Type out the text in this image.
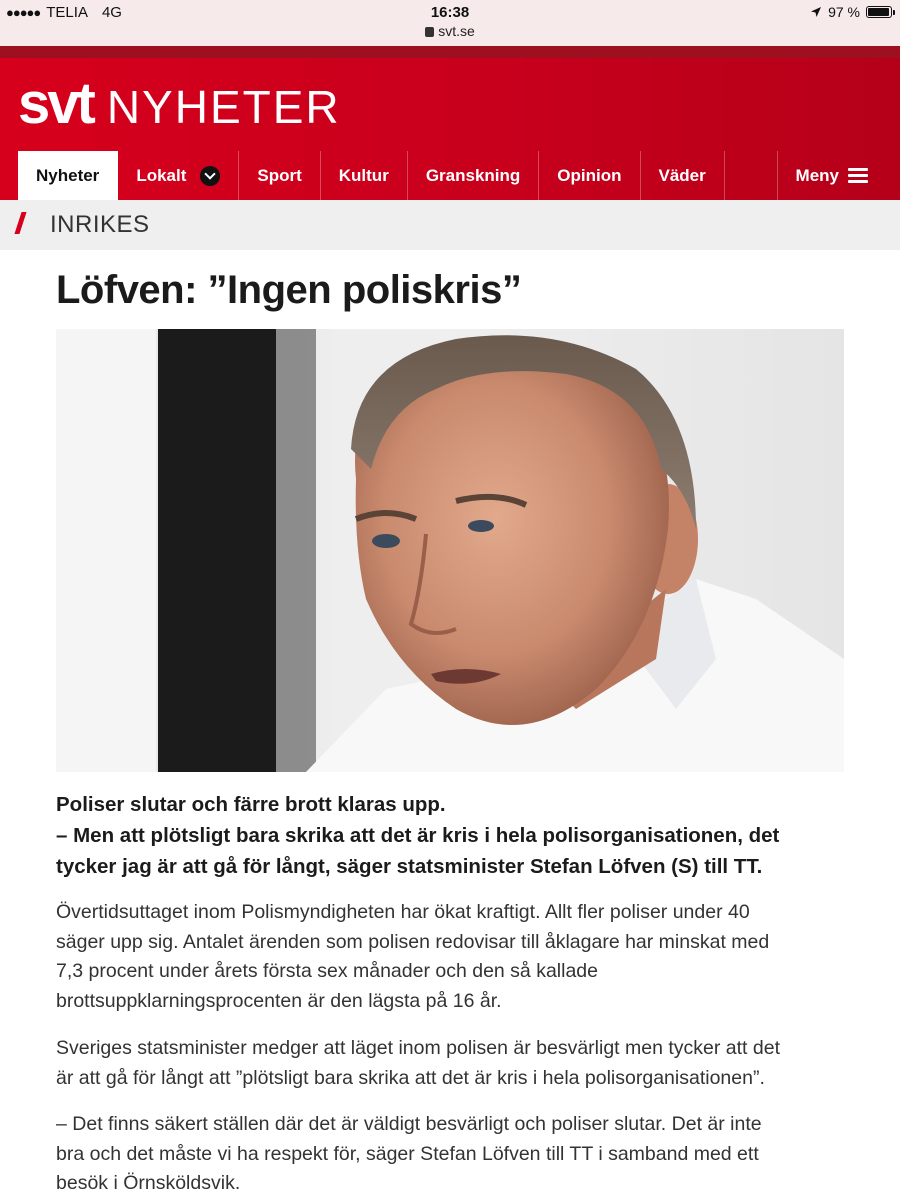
●●●●● TELIA 4G	16:38
svt.se
97 %
svt NYHETER
Nyheter Lokalt	Sport Kultur Granskning Opinion Väder	Meny
INRIKES
Löfven: ”Ingen poliskris”

Poliser slutar och färre brott klaras upp.

– Men att plötsligt bara skrika att det är kris i hela polisorganisationen, det

tycker jag är att gå för långt, säger statsminister Stefan Löfven (S) till TT.

Övertidsuttaget inom Polismyndigheten har ökat kraftigt. Allt fler poliser under 40
säger upp sig. Antalet ärenden som polisen redovisar till åklagare har minskat med
7,3 procent under årets första sex månader och den så kallade
brottsuppklarningsprocenten är den lägsta på 16 år.
Sveriges statsminister medger att läget inom polisen är besvärligt men tycker att det
är att gå för långt att ”plötsligt bara skrika att det är kris i hela polisorganisationen”.
– Det finns säkert ställen där det är väldigt besvärligt och poliser slutar. Det är inte
bra och det måste vi ha respekt för, säger Stefan Löfven till TT i samband med ett
besök i Örnsköldsvik.
